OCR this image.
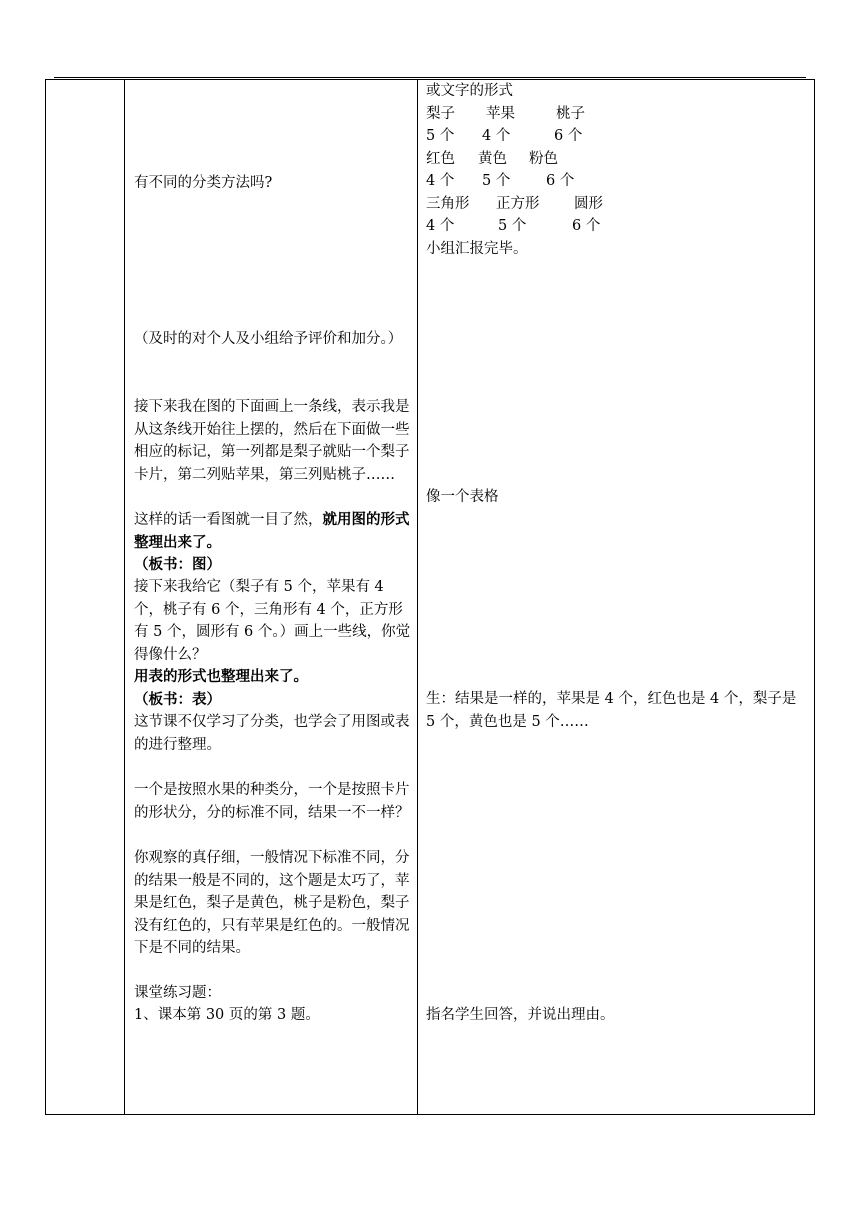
有不同的分类方法吗?
（及时的对个人及小组给予评价和加分。）
接下来我在图的下面画上一条线，表示我是从这条线开始往上摆的，然后在下面做一些相应的标记，第一列都是梨子就贴一个梨子卡片，第二列贴苹果，第三列贴桃子……
这样的话一看图就一目了然，就用图的形式整理出来了。
（板书：图）
接下来我给它（梨子有 5 个，苹果有 4 个，桃子有 6 个，三角形有 4 个，正方形有 5 个，圆形有 6 个。）画上一些线，你觉得像什么？
用表的形式也整理出来了。
（板书：表）
这节课不仅学习了分类，也学会了用图或表的进行整理。
一个是按照水果的种类分，一个是按照卡片的形状分，分的标准不同，结果一不一样？
你观察的真仔细，一般情况下标准不同，分的结果一般是不同的，这个题是太巧了，苹果是红色，梨子是黄色，桃子是粉色，梨子没有红色的，只有苹果是红色的。一般情况下是不同的结果。
课堂练习题：
1、课本第 30 页的第 3 题。
或文字的形式
梨子 苹果	桃子
5 个 4 个	6 个
红色 黄色 粉色
4 个 5 个 6 个
三角形 正方形 圆形
4 个	5 个	6 个
小组汇报完毕。
像一个表格
生：结果是一样的，苹果是 4 个，红色也是 4 个，梨子是 5 个，黄色也是 5 个……
指名学生回答，并说出理由。
